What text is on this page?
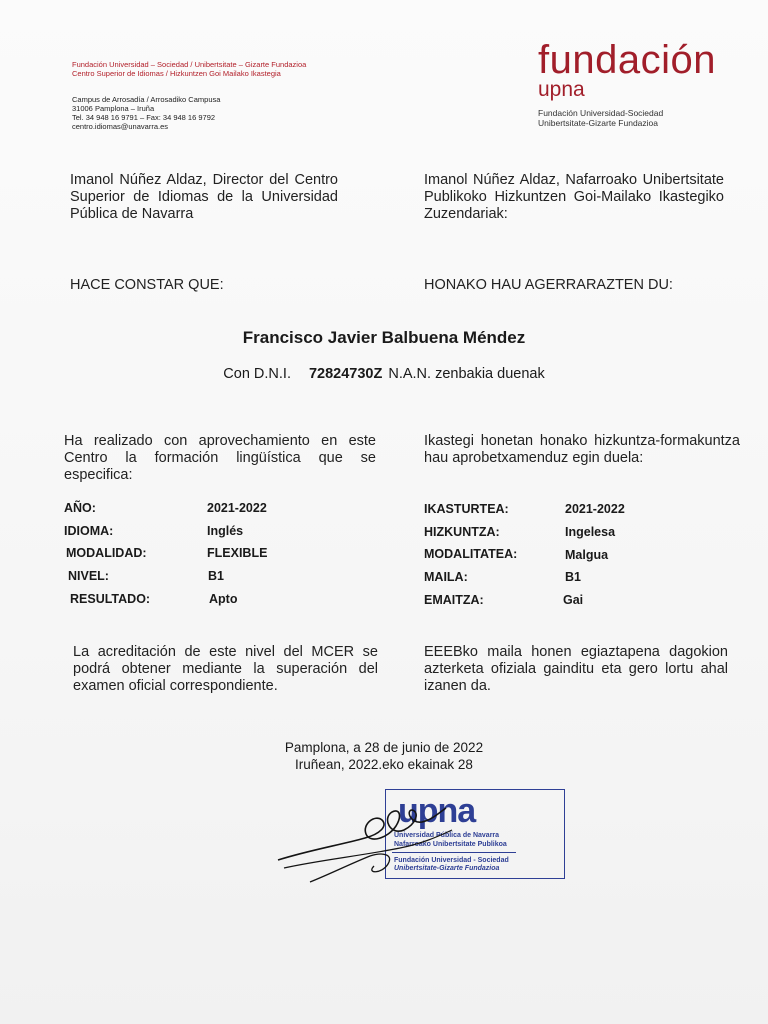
Fundación Universidad – Sociedad / Unibertsitate – Gizarte Fundazioa
Centro Superior de Idiomas / Hizkuntzen Goi Mailako Ikastegia
Campus de Arrosadía / Arrosadiko Campusa
31006 Pamplona – Iruña
Tel. 34 948 16 9791 – Fax: 34 948 16 9792
centro.idiomas@unavarra.es
fundación
upna
Fundación Universidad-Sociedad
Unibertsitate-Gizarte Fundazioa
Imanol Núñez Aldaz, Director del Centro Superior de Idiomas de la Universidad Pública de Navarra
Imanol Núñez Aldaz, Nafarroako Unibertsitate Publikoko Hizkuntzen Goi-Mailako Ikastegiko Zuzendariak:
HACE CONSTAR QUE:	HONAKO HAU AGERRARAZTEN DU:
Francisco Javier Balbuena Méndez
Con D.N.I. 72824730Z N.A.N. zenbakia duenak
Ha realizado con aprovechamiento en este Centro la formación lingüística que se especifica:
Ikastegi honetan honako hizkuntza-formakuntza hau aprobetxamenduz egin duela:
AÑO:	2021-2022
IDIOMA:	Inglés
MODALIDAD:	FLEXIBLE
NIVEL:	B1
RESULTADO:	Apto
IKASTURTEA:	2021-2022
HIZKUNTZA:	Ingelesa
MODALITATEA:	Malgua
MAILA:	B1
EMAITZA:	Gai
La acreditación de este nivel del MCER se podrá obtener mediante la superación del examen oficial correspondiente.
EEEBko maila honen egiaztapena dagokion azterketa ofiziala gainditu eta gero lortu ahal izanen da.
Pamplona, a 28 de junio de 2022
Iruñean, 2022.eko ekainak 28
upna
Universidad Pública de Navarra
Nafarroako Unibertsitate Publikoa
Fundación Universidad - Sociedad
Unibertsitate-Gizarte Fundazioa
